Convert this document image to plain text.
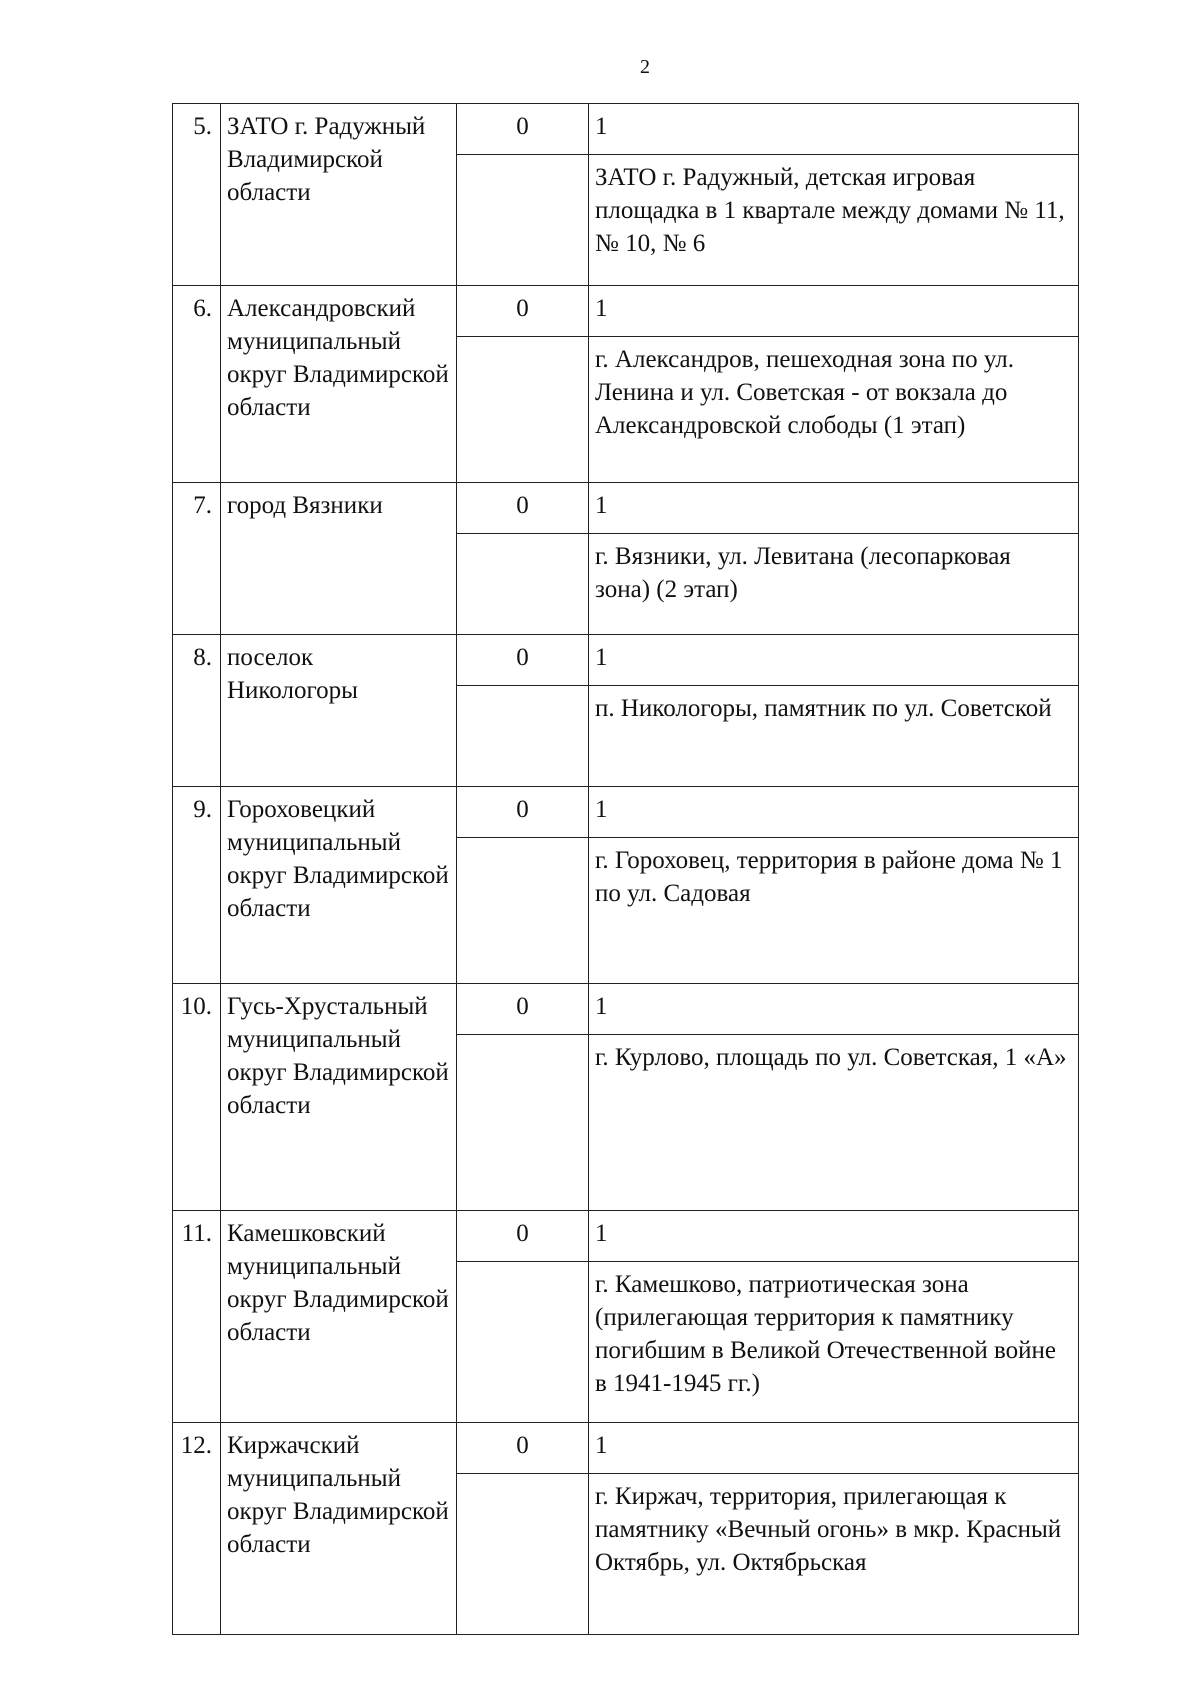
2
5.	ЗАТО г. Радужный Владимирской области	0	1
			ЗАТО г. Радужный, детская игровая площадка в 1 квартале между домами № 11, № 10, № 6
6.	Александровский муниципальный округ Владимирской области	0	1
			г. Александров, пешеходная зона по ул. Ленина и ул. Советская - от вокзала до Александровской слободы (1 этап)
7.	город Вязники	0	1
			г. Вязники, ул. Левитана (лесопарковая зона) (2 этап)
8.	поселок Никологоры	0	1
			п. Никологоры, памятник по ул. Советской
9.	Гороховецкий муниципальный округ Владимирской области	0	1
			г. Гороховец, территория в районе дома № 1 по ул. Садовая
10.	Гусь-Хрустальный муниципальный округ Владимирской области	0	1
			г. Курлово, площадь по ул. Советская, 1 «А»
11.	Камешковский муниципальный округ Владимирской области	0	1
			г. Камешково, патриотическая зона (прилегающая территория к памятнику погибшим в Великой Отечественной войне в 1941-1945 гг.)
12.	Киржачский муниципальный округ Владимирской области	0	1
			г. Киржач, территория, прилегающая к памятнику «Вечный огонь» в мкр. Красный Октябрь, ул. Октябрьская
